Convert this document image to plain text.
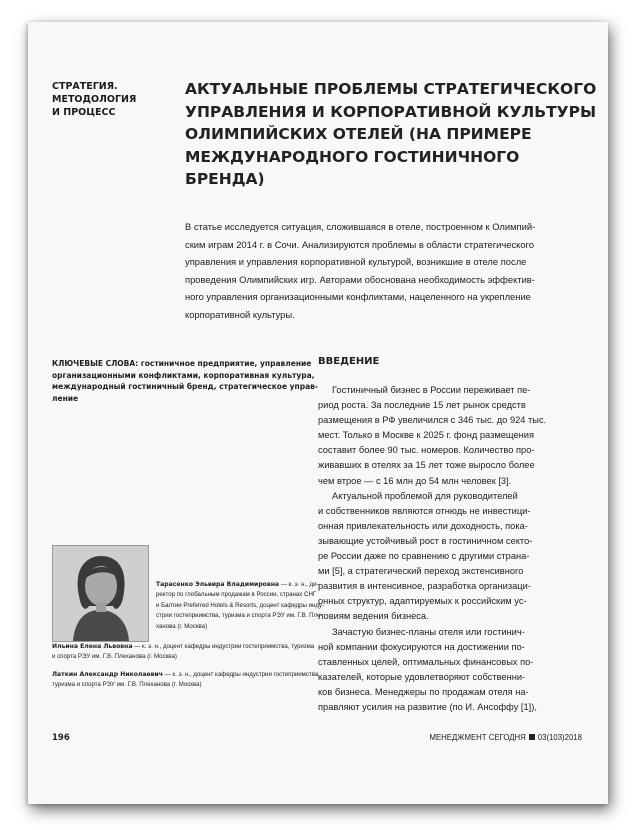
СТРАТЕГИЯ.
МЕТОДОЛОГИЯ
И ПРОЦЕСС
АКТУАЛЬНЫЕ ПРОБЛЕМЫ СТРАТЕГИЧЕСКОГО
УПРАВЛЕНИЯ И КОРПОРАТИВНОЙ КУЛЬТУРЫ
ОЛИМПИЙСКИХ ОТЕЛЕЙ (НА ПРИМЕРЕ
МЕЖДУНАРОДНОГО ГОСТИНИЧНОГО
БРЕНДА)
В статье исследуется ситуация, сложившаяся в отеле, построенном к Олимпий-
ским играм 2014 г. в Сочи. Анализируются проблемы в области стратегического
управления и управления корпоративной культурой, возникшие в отеле после
проведения Олимпийских игр. Авторами обоснована необходимость эффектив-
ного управления организационными конфликтами, нацеленного на укрепление
корпоративной культуры.
КЛЮЧЕВЫЕ СЛОВА: гостиничное предприятие, управление
организационными конфликтами, корпоративная культура,
международный гостиничный бренд, стратегическое управ-
ление
ВВЕДЕНИЕ
Гостиничный бизнес в России переживает пе-
риод роста. За последние 15 лет рынок средств
размещения в РФ увеличился с 346 тыс. до 924 тыс.
мест. Только в Москве к 2025 г. фонд размещения
составит более 90 тыс. номеров. Количество про-
живавших в отелях за 15 лет тоже выросло более
чем втрое — с 16 млн до 54 млн человек [3].
Актуальной проблемой для руководителей
и собственников являются отнюдь не инвестици-
онная привлекательность или доходность, пока-
зывающие устойчивый рост в гостиничном секто-
ре России даже по сравнению с другими страна-
ми [5], а стратегический переход экстенсивного
развития в интенсивное, разработка организаци-
онных структур, адаптируемых к российским ус-
ловиям ведения бизнеса.
Зачастую бизнес-планы отеля или гостинич-
ной компании фокусируются на достижении по-
ставленных целей, оптимальных финансовых по-
казателей, которые удовлетворяют собственни-
ков бизнеса. Менеджеры по продажам отеля на-
правляют усилия на развитие (по И. Ансоффу [1]),
Тарасенко Эльвира Владимировна — к. э. н., ди-
ректор по глобальным продажам в России, странах СНГ
и Балтии Preferred Hotels & Resorts, доцент кафедры инду-
стрии гостеприимства, туризма и спорта РЭУ им. Г.В. Пле-
ханова (г. Москва)
Ильина Елена Львовна — к. э. н., доцент кафедры индустрии гостеприимства, туризма
и спорта РЭУ им. Г.В. Плеханова (г. Москва)
Латкин Александр Николаевич — к. э. н., доцент кафедры индустрии гостеприимства,
туризма и спорта РЭУ им. Г.В. Плеханова (г. Москва)
196	МЕНЕДЖМЕНТ СЕГОДНЯ 03(103)2018
